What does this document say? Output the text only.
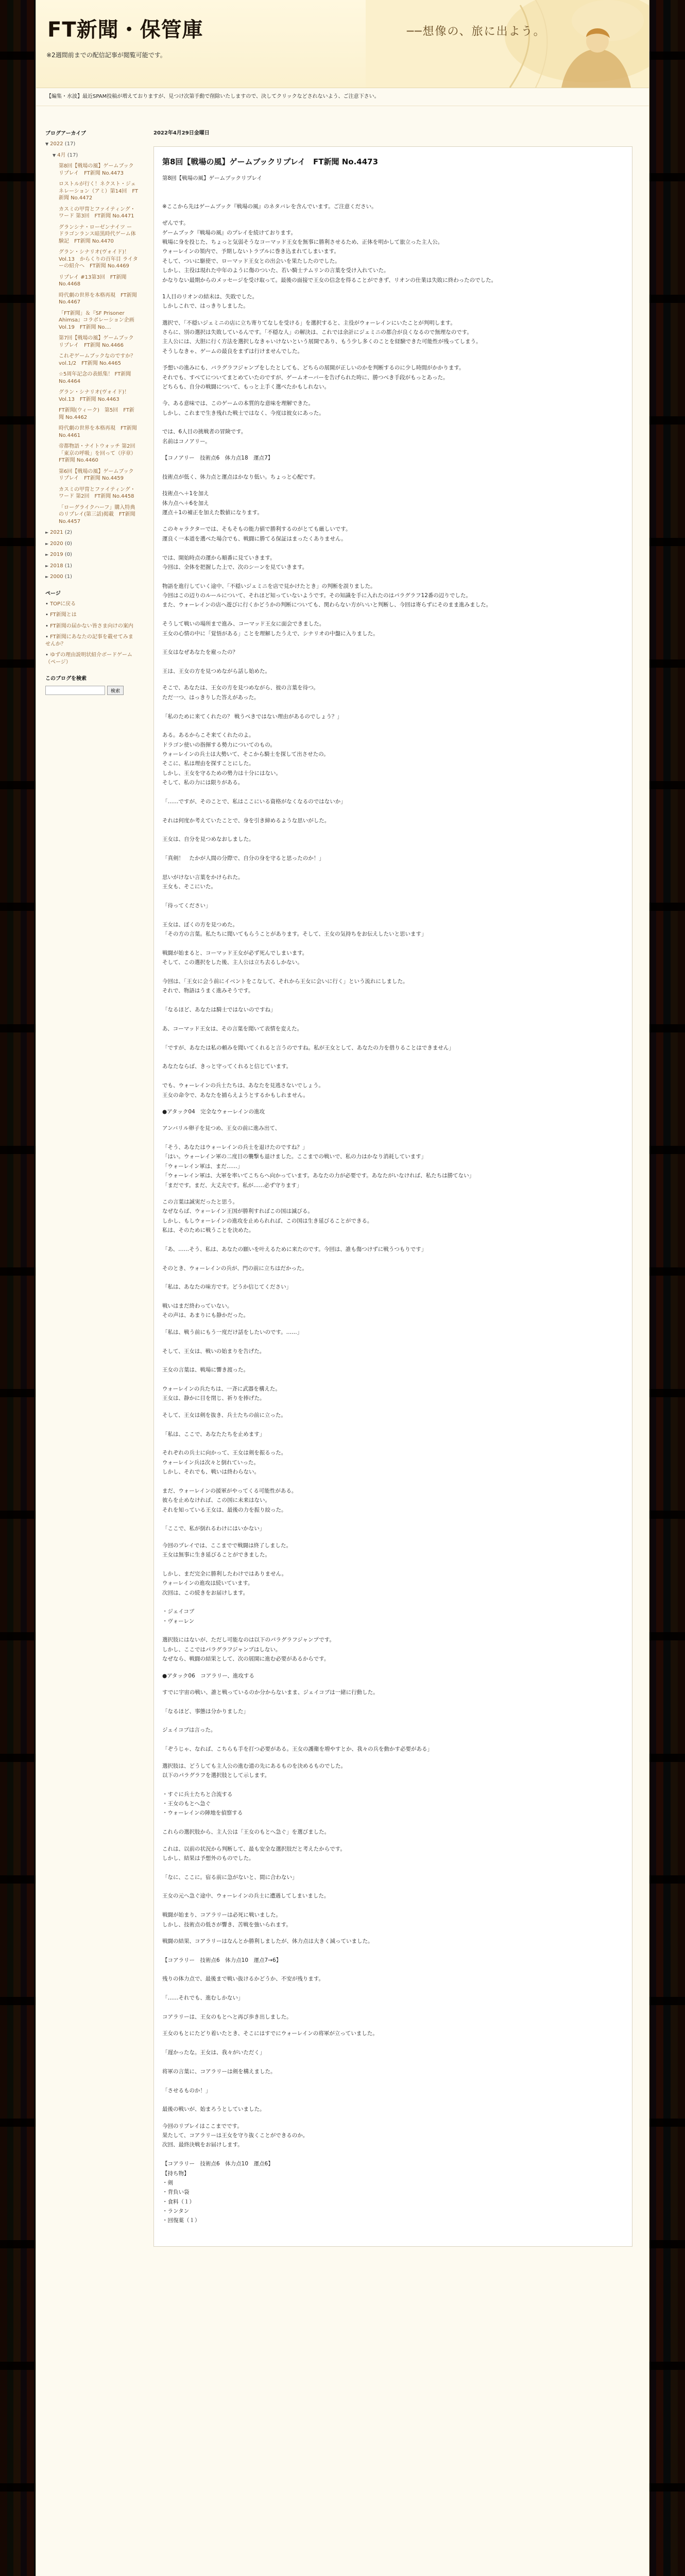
FT新聞・保管庫
※2週間前までの配信記事が閲覧可能です。
──想像の、旅に出よう。
【編集・水波】最近SPAM投稿が増えておりますが、見つけ次第手動で削除いたしますので、決してクリックなどされないよう、ご注意下さい。
ブログアーカイブ
▼ 2022 (17)
▼ 4月 (17)
第8回【戦場の風】ゲームブックリプレイ　FT新聞 No.4473
ロストルが行く！ネクスト・ジェネレーション（アミ）第14回　FT新聞 No.4472
カスミの甲冑とファイティング・ワード 第3回　FT新聞 No.4471
グランシナ・ローゼンナイツ ー ドラゴンランス暗黒時代ゲーム体験記　FT新聞 No.4470
グラン・シナリオ(ヴォイド)！ Vol.13　からくりの百年目 ライターの紹介へ　FT新聞 No.4469
リプレイ #13第3回　FT新聞 No.4468
時代劇の世界を本格再現　FT新聞 No.4467
「FT新聞」＆『SF Prisoner Ahimsa』コラボレーション企画 Vol.19　FT新聞 No....
第7回【戦場の風】ゲームブックリプレイ　FT新聞 No.4466
これぞゲームブックなのですか？ vol.1/2　FT新聞 No.4465
☆5周年記念の表紙集！ FT新聞 No.4464
グラン・シナリオ(ヴォイド)！ Vol.13　FT新聞 No.4463
FT新聞(ウィーク)　第5回　FT新聞 No.4462
時代劇の世界を本格再現　FT新聞 No.4461
帝都物語・ナイトウォッチ 第2回「東京の呼吸」を回って（序章）　FT新聞 No.4460
第6回【戦場の風】ゲームブックリプレイ　FT新聞 No.4459
カスミの甲冑とファイティング・ワード 第2回　FT新聞 No.4458
「ローグライクハーフ」購入特典のリプレイ(第三話)掲載　FT新聞 No.4457
► 2021 (2)
► 2020 (0)
► 2019 (0)
► 2018 (1)
► 2000 (1)
ページ
• TOPに戻る
• FT新聞とは
• FT新聞の届かない皆さま向けの案内
• FT新聞にあなたの記事を載せてみませんか？
• ゆずの理由説明状紹介ボードゲーム（ページ）
このブログを検索
検索
2022年4月29日金曜日
第8回【戦場の風】ゲームブックリプレイ　FT新聞 No.4473

第8回【戦場の風】ゲームブックリプレイ

※ここから先はゲームブック『戦場の風』のネタバレを含んでいます。ご注意ください。

ぜんです。
ゲームブック『戦場の風』のプレイを続けております。
戦場に身を投じた、ちょっと気弱そうなコーマッド王女を無事に勝利させるため、正体を明かして旅立った主人公。
ウォーレインの領内で、予期しないトラブルに巻き込まれてしまいます。
そして、ついに駆使で、ローマッド王女との出会いを果たしたのでした。
しかし、主役は現れた中年のように傷のついた、若い騎士テムリンの言葉を受け入れていた。
かなりない最期からのメッセージを受け取って。最後の面接で王女の信念を得ることができず、リオンの仕業は失敗に終わったのでした。

1人目のリオンの結末は、失敗でした。
しかしこれで、はっきりしました。

選択で、「不穏いジェミニの店に立ち寄りてなしを受ける」を選択すると、主役がウォーレインにいたことが判明します。
さらに、別の選択は失敗しているんです。「不穏な人」の解決は、これでは余計にジェミニの都合が良くなるので無理なのです。
主人公には、大胆に行く方法を選択しなきゃいけないという展開であり、もう少し多くのことを経験できた可能性が残ってしまう。
そうしなきゃ、ゲームの最良をまずは行けませんでした。

予想いの進みにも、バラグラフジャンプをしたとしても、どちらの展開が正しいのかを判断するのに少し時間がかかります。
それでも、すべてについてまとめていたのですが、ゲームオーバーを告げられた時に、勝つべき手段がもっとあった。
どちらも、自分の戦闘について、もっと上手く選べたかもしれない。

今、ある意味では、このゲームの本質的な意味を理解できた。
しかし、これまで生き残れた戦士ではなく、今度は彼女にあった。

では、6人目の挑戦者の冒険です。
名前はコノアリー。

【コノアリー　技術点6　体力点18　運点7】

技術点が低く、体力点と運点はかなり低い。ちょっと心配です。

技術点へ＋1を加え
体力点へ＋6を加え
運点＋1の補正を加えた数値になります。

このキャラクターでは、そもそもの能力値で勝利するのがとても厳しいです。
運良く一本道を選べた場合でも、戦闘に勝てる保証はまったくありません。

では、開始時点の運から順番に見ていきます。
今回は、全体を把握した上で、次のシーンを見ていきます。

物語を進行していく途中、「不穏いジェミニを店で見かけたとき」の判断を誤りました。
今回はこの辺りのルールについて、それほど知っていないようです。その知識を手に入れたのはパラグラフ12番の辺りでした。
また、ウォーレインの店へ遊びに行くかどうかの判断についても、関わらない方がいいと判断し、今回は寄らずにそのまま進みました。

そうして戦いの場所まで進み、コーマッド王女に面会できました。
王女の心情の中に「覚悟がある」ことを理解したうえで、シナリオの中盤に入りました。

王女はなぜあなたを雇ったの？

王は、王女の方を見つめながら話し始めた。

そこで、あなたは、王女の方を見つめながら、彼の言葉を待つ。
ただ一つ、はっきりした答えがあった。

「私のために来てくれたの？ 戦うべきではない理由があるのでしょう？」

ある。あるからこそ来てくれたのよ。
ドラゴン使いの指揮する勢力についてのもの。
ウォーレインの兵士は大勢いて、そこから騎士を探して出させたの。
そこに、私は理由を探すことにした。
しかし、王女を守るための勢力は十分にはない。
そして、私の力には限りがある。

「……ですが、そのことで、私はここにいる資格がなくなるのではないか」

それは何度か考えていたことで、身を引き締めるような思いがした。

王女は、自分を見つめなおしました。

「真剣！　たかが人間の分際で、自分の身を守ると思ったのか！」

思いがけない言葉をかけられた。
王女も、そこにいた。

「待ってください」

王女は、ぼくの方を見つめた。
「その方の言葉。私たちに聞いてもらうことがあります。そして、王女の気持ちをお伝えしたいと思います」

戦闘が始まると、コーマッド王女が必ず死んでしまいます。
そして、この選択をした後、主人公は立ち去るしかない。

今回は、「王女に会う前にイベントをこなして、それから王女に会いに行く」という流れにしました。
それで、物語はうまく進みそうです。

「なるほど、あなたは騎士ではないのですね」

あ、コーマッド王女は、その言葉を聞いて表情を変えた。

「ですが、あなたは私の頼みを聞いてくれると言うのですね。私が王女として、あなたの力を借りることはできません」

あなたならば、きっと守ってくれると信じています。

でも、ウォーレインの兵士たちは、あなたを見逃さないでしょう。
王女の命令で、あなたを捕らえようとするかもしれません。

●アタック04　完全なウォーレインの進攻

アンバリル卵子を見つめ、王女の前に進み出て、

「そう、あなたはウォーレインの兵士を退けたのですね？」
「はい。ウォーレイン軍の二度目の襲撃も退けました。ここまでの戦いで、私の力はかなり消耗しています」
「ウォーレイン軍は、まだ……」
「ウォーレイン軍は、大軍を率いてこちらへ向かっています。あなたの力が必要です。あなたがいなければ、私たちは勝てない」
「まだです。まだ、大丈夫です。私が……必ず守ります」

この言葉は誠実だったと思う。
なぜならば、ウォーレイン王国が勝利すればこの国は滅びる。
しかし、もしウォーレインの進攻を止められれば、この国は生き延びることができる。
私は、そのために戦うことを決めた。

「あ、……そう、私は、あなたの願いを叶えるために来たのです。今回は、誰も傷つけずに戦うつもりです」

そのとき、ウォーレインの兵が、門の前に立ちはだかった。

「私は、あなたの味方です。どうか信じてください」

戦いはまだ終わっていない。
その声は、あまりにも静かだった。

「私は、戦う前にもう一度だけ話をしたいのです。……」

そして、王女は、戦いの始まりを告げた。

王女の言葉は、戦場に響き渡った。

ウォーレインの兵たちは、一斉に武器を構えた。
王女は、静かに目を閉じ、祈りを捧げた。

そして、王女は剣を抜き、兵士たちの前に立った。

「私は、ここで、あなたたちを止めます」

それぞれの兵士に向かって、王女は剣を振るった。
ウォーレイン兵は次々と倒れていった。
しかし、それでも、戦いは終わらない。

まだ、ウォーレインの援軍がやってくる可能性がある。
彼らを止めなければ、この国に未来はない。
それを知っている王女は、最後の力を振り絞った。

「ここで、私が倒れるわけにはいかない」

今回のプレイでは、ここまでで戦闘は終了しました。
王女は無事に生き延びることができました。

しかし、まだ完全に勝利したわけではありません。
ウォーレインの進攻は続いています。
次回は、この続きをお届けします。

・ジェイコブ
・ヴォーレン

選択肢にはないが、ただし可能なのは以下のパラグラフジャンプです。
しかし、ここではパラグラフジャンプはしない。
なぜなら、戦闘の結果として、次の展開に進む必要があるからです。

●アタック06　コアラリー、進攻する

すでに宇宙の戦い、誰と戦っているのか分からないまま、ジェイコブは一緒に行動した。

「なるほど、事態は分かりました」

ジェイコブは言った。

「ぞうじゃ、なれば、こちらも手を打つ必要がある。王女の護衛を増やすとか、我々の兵を動かす必要がある」

選択肢は、どうしても主人公の進む道の先にあるものを決めるものでした。
以下のパラグラフを選択肢として示します。

・すぐに兵士たちと合流する
・王女のもとへ急ぐ
・ウォーレインの陣地を偵察する

これらの選択肢から、主人公は「王女のもとへ急ぐ」を選びました。

これは、以前の状況から判断して、最も安全な選択肢だと考えたからです。
しかし、結果は予想外のものでした。

「なに、ここに。宿る前に急がないと、間に合わない」

王女の元へ急ぐ途中、ウォーレインの兵士に遭遇してしまいました。

戦闘が始まり、コアラリーは必死に戦いました。
しかし、技術点の低さが響き、苦戦を強いられます。

戦闘の結果、コアラリーはなんとか勝利しましたが、体力点は大きく減っていました。

【コアラリー　技術点6　体力点10　運点7→6】

残りの体力点で、最後まで戦い抜けるかどうか、不安が残ります。

「……それでも、進むしかない」

コアラリーは、王女のもとへと再び歩き出しました。

王女のもとにたどり着いたとき、そこにはすでにウォーレインの将軍が立っていました。

「遅かったな。王女は、我々がいただく」

将軍の言葉に、コアラリーは剣を構えました。

「させるものか！」

最後の戦いが、始まろうとしていました。

今回のリプレイはここまでです。
果たして、コアラリーは王女を守り抜くことができるのか。
次回、最終決戦をお届けします。

【コアラリー　技術点6　体力点10　運点6】
【持ち物】
・剣
・背負い袋
・食料（１）
・ランタン
・回復薬（１）
